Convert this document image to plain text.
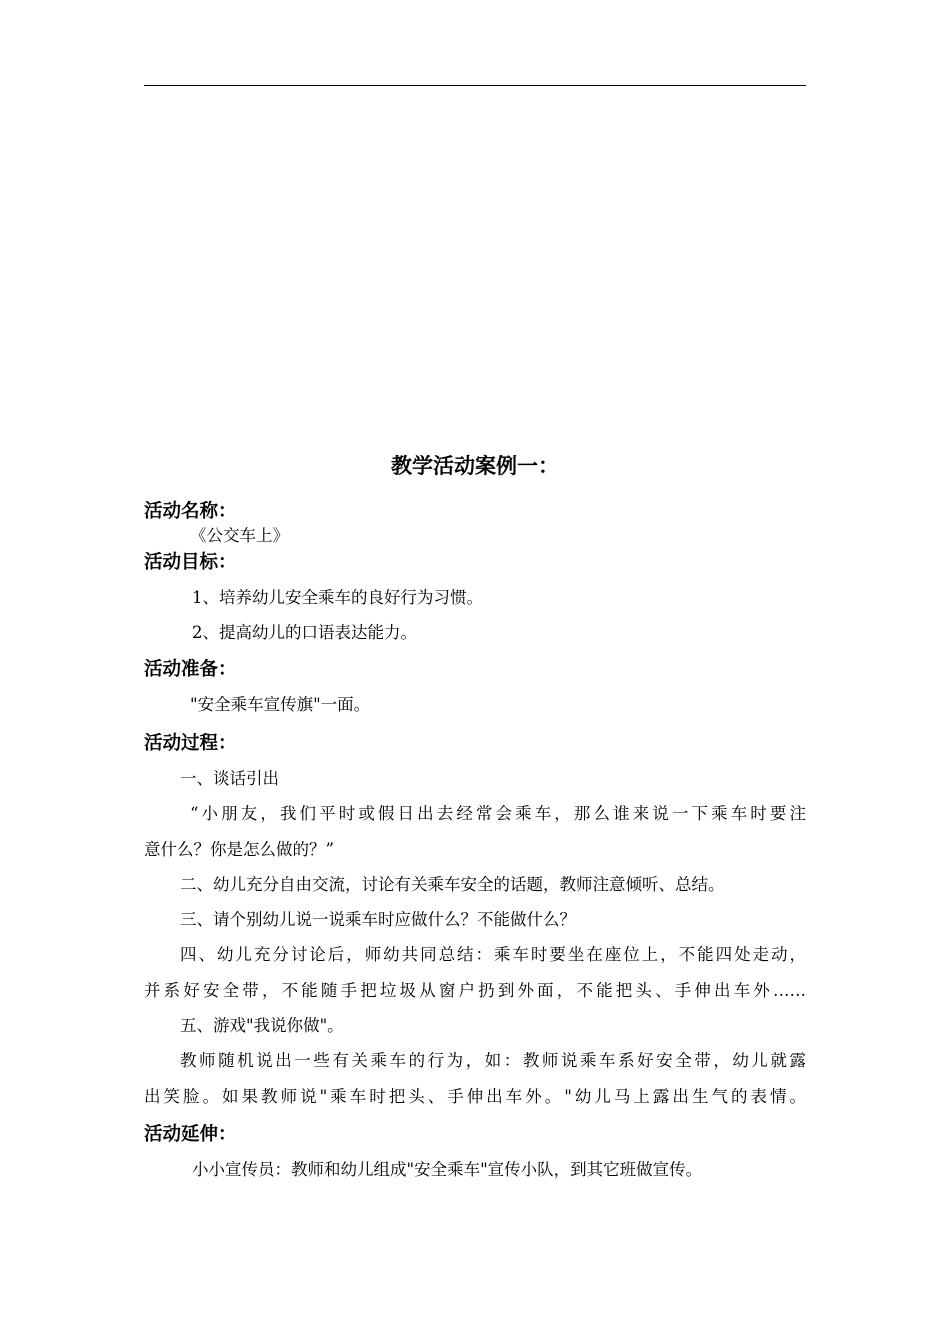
教学活动案例一：
活动名称：
《公交车上》
活动目标：
1、培养幼儿安全乘车的良好行为习惯。
2、提高幼儿的口语表达能力。
活动准备：
"安全乘车宣传旗"一面。
活动过程：
一、谈话引出
“小朋友，我们平时或假日出去经常会乘车，那么谁来说一下乘车时要注
意什么？你是怎么做的？”
二、幼儿充分自由交流，讨论有关乘车安全的话题，教师注意倾听、总结。
三、请个别幼儿说一说乘车时应做什么？不能做什么？
四、幼儿充分讨论后，师幼共同总结：乘车时要坐在座位上，不能四处走动，
并系好安全带，不能随手把垃圾从窗户扔到外面，不能把头、手伸出车外……
五、游戏"我说你做"。
教师随机说出一些有关乘车的行为，如：教师说乘车系好安全带，幼儿就露
出笑脸。如果教师说"乘车时把头、手伸出车外。"幼儿马上露出生气的表情。
活动延伸：
小小宣传员：教师和幼儿组成"安全乘车"宣传小队，到其它班做宣传。
